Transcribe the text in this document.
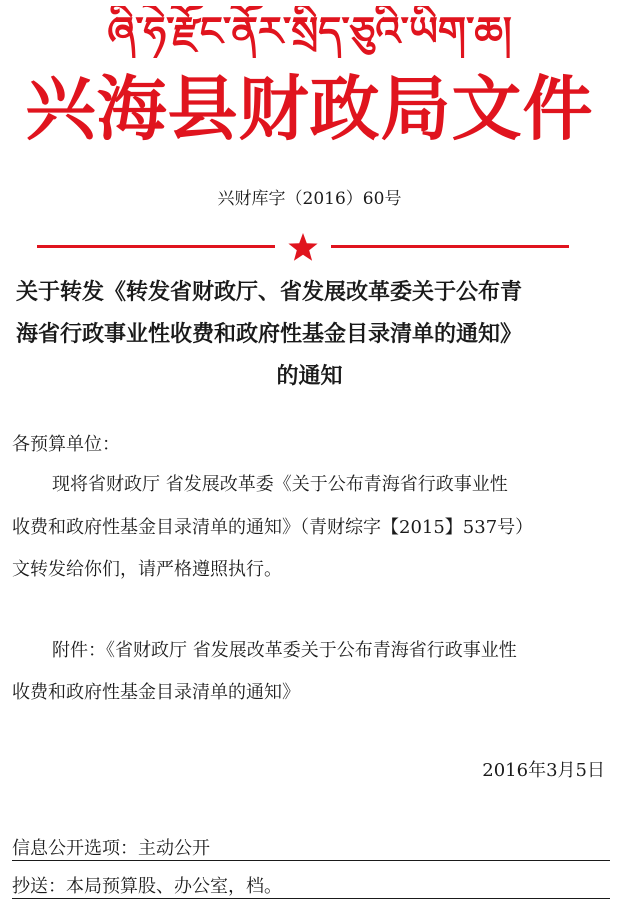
ཞི་ཧེ་རྫོང་ནོར་སྲིད་ཅུའི་ཡིག་ཆ།
兴海县财政局文件
兴财库字（2016）60号
关于转发《转发省财政厅、省发展改革委关于公布青
海省行政事业性收费和政府性基金目录清单的通知》
的通知
各预算单位：
现将省财政厅 省发展改革委《关于公布青海省行政事业性
收费和政府性基金目录清单的通知》（青财综字【2015】537号）
文转发给你们，请严格遵照执行。
附件：《省财政厅 省发展改革委关于公布青海省行政事业性
收费和政府性基金目录清单的通知》
2016年3月5日
信息公开选项：主动公开
抄送：本局预算股、办公室，档。
